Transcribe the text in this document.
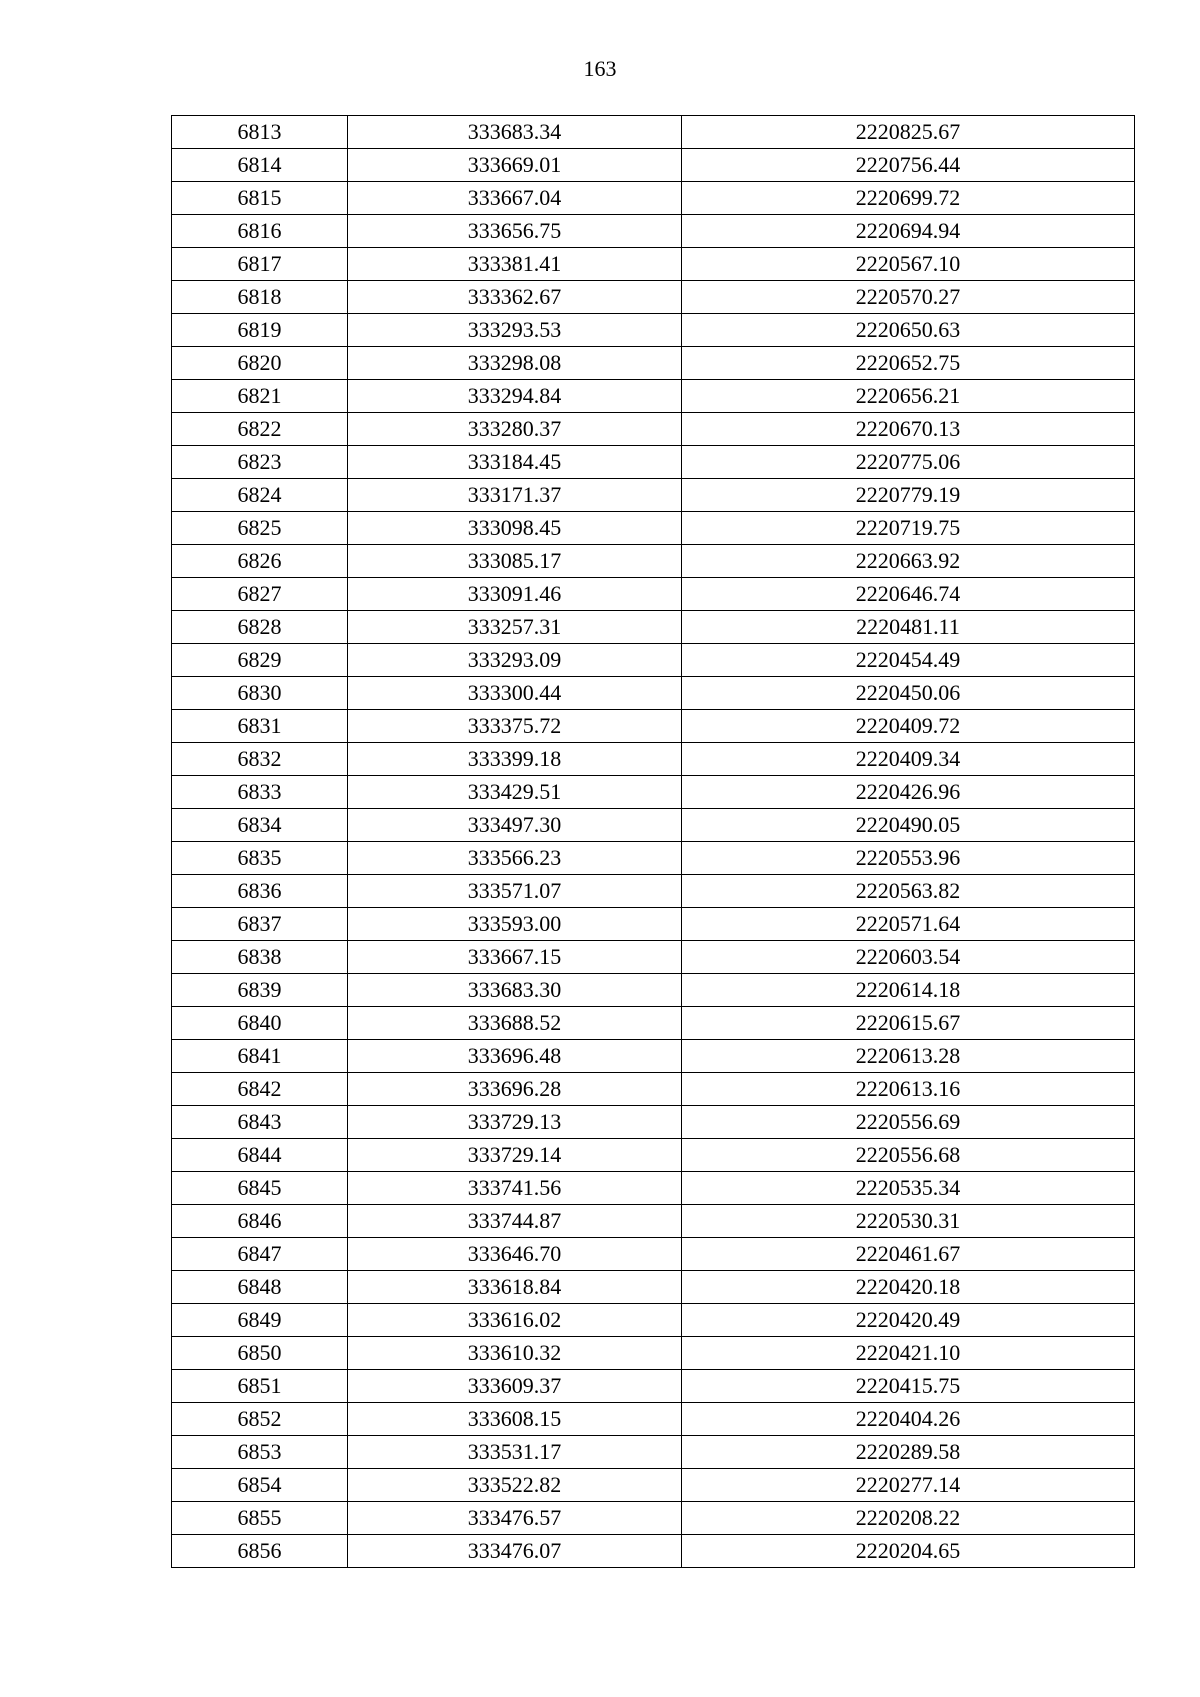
163
6813	333683.34	2220825.67
6814	333669.01	2220756.44
6815	333667.04	2220699.72
6816	333656.75	2220694.94
6817	333381.41	2220567.10
6818	333362.67	2220570.27
6819	333293.53	2220650.63
6820	333298.08	2220652.75
6821	333294.84	2220656.21
6822	333280.37	2220670.13
6823	333184.45	2220775.06
6824	333171.37	2220779.19
6825	333098.45	2220719.75
6826	333085.17	2220663.92
6827	333091.46	2220646.74
6828	333257.31	2220481.11
6829	333293.09	2220454.49
6830	333300.44	2220450.06
6831	333375.72	2220409.72
6832	333399.18	2220409.34
6833	333429.51	2220426.96
6834	333497.30	2220490.05
6835	333566.23	2220553.96
6836	333571.07	2220563.82
6837	333593.00	2220571.64
6838	333667.15	2220603.54
6839	333683.30	2220614.18
6840	333688.52	2220615.67
6841	333696.48	2220613.28
6842	333696.28	2220613.16
6843	333729.13	2220556.69
6844	333729.14	2220556.68
6845	333741.56	2220535.34
6846	333744.87	2220530.31
6847	333646.70	2220461.67
6848	333618.84	2220420.18
6849	333616.02	2220420.49
6850	333610.32	2220421.10
6851	333609.37	2220415.75
6852	333608.15	2220404.26
6853	333531.17	2220289.58
6854	333522.82	2220277.14
6855	333476.57	2220208.22
6856	333476.07	2220204.65
